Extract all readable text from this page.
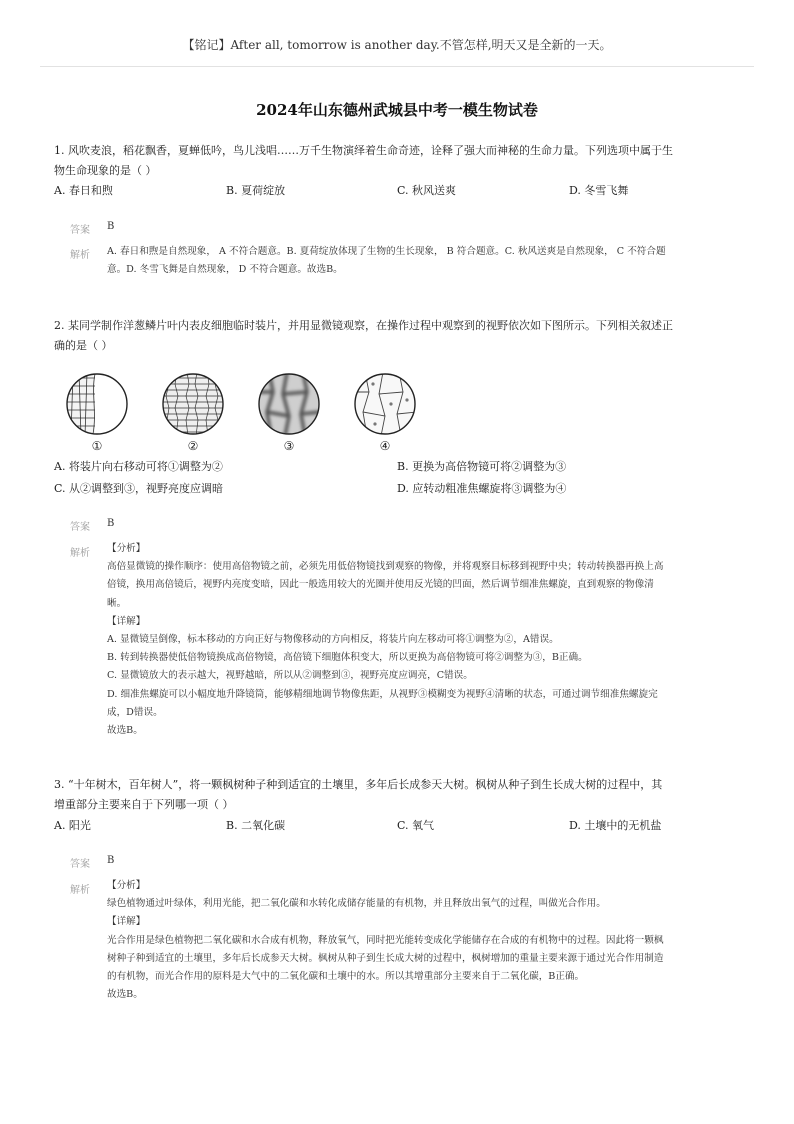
【铭记】After all, tomorrow is another day.不管怎样,明天又是全新的一天。
2024年山东德州武城县中考一模生物试卷
1. 风吹麦浪，稻花飘香，夏蝉低吟，鸟儿浅唱……万千生物演绎着生命奇迹，诠释了强大而神秘的生命力量。下列选项中属于生
物生命现象的是（ ）
A. 春日和煦	B. 夏荷绽放	C. 秋风送爽	D. 冬雪飞舞
答案 B
解析 A. 春日和煦是自然现象， A 不符合题意。B. 夏荷绽放体现了生物的生长现象， B 符合题意。C. 秋风送爽是自然现象， C 不符合题
意。D. 冬雪飞舞是自然现象， D 不符合题意。故选B。
2. 某同学制作洋葱鳞片叶内表皮细胞临时装片，并用显微镜观察，在操作过程中观察到的视野依次如下图所示。下列相关叙述正
确的是（ ）
①	②	③	④
A. 将装片向右移动可将①调整为②	B. 更换为高倍物镜可将②调整为③
C. 从②调整到③，视野亮度应调暗	D. 应转动粗准焦螺旋将③调整为④
答案 B
解析 【分析】
高倍显微镜的操作顺序：使用高倍物镜之前，必须先用低倍物镜找到观察的物像，并将观察目标移到视野中央；转动转换器再换上高
倍镜，换用高倍镜后，视野内亮度变暗，因此一般选用较大的光圈并使用反光镜的凹面，然后调节细准焦螺旋，直到观察的物像清
晰。
【详解】
A. 显微镜呈倒像，标本移动的方向正好与物像移动的方向相反，将装片向左移动可将①调整为②，A错误。
B. 转到转换器使低倍物镜换成高倍物镜，高倍镜下细胞体积变大，所以更换为高倍物镜可将②调整为③，B正确。
C. 显微镜放大的表示越大，视野越暗，所以从②调整到③，视野亮度应调亮，C错误。
D. 细准焦螺旋可以小幅度地升降镜筒，能够精细地调节物像焦距，从视野③模糊变为视野④清晰的状态，可通过调节细准焦螺旋完
成，D错误。
故选B。
3. “十年树木，百年树人”，将一颗枫树种子种到适宜的土壤里，多年后长成参天大树。枫树从种子到生长成大树的过程中，其
增重部分主要来自于下列哪一项（ ）
A. 阳光	B. 二氧化碳	C. 氧气	D. 土壤中的无机盐
答案 B
解析 【分析】
绿色植物通过叶绿体，利用光能，把二氧化碳和水转化成储存能量的有机物，并且释放出氧气的过程，叫做光合作用。
【详解】
光合作用是绿色植物把二氧化碳和水合成有机物，释放氧气，同时把光能转变成化学能储存在合成的有机物中的过程。因此将一颗枫
树种子种到适宜的土壤里，多年后长成参天大树。枫树从种子到生长成大树的过程中，枫树增加的重量主要来源于通过光合作用制造
的有机物，而光合作用的原料是大气中的二氧化碳和土壤中的水。所以其增重部分主要来自于二氧化碳，B正确。
故选B。
